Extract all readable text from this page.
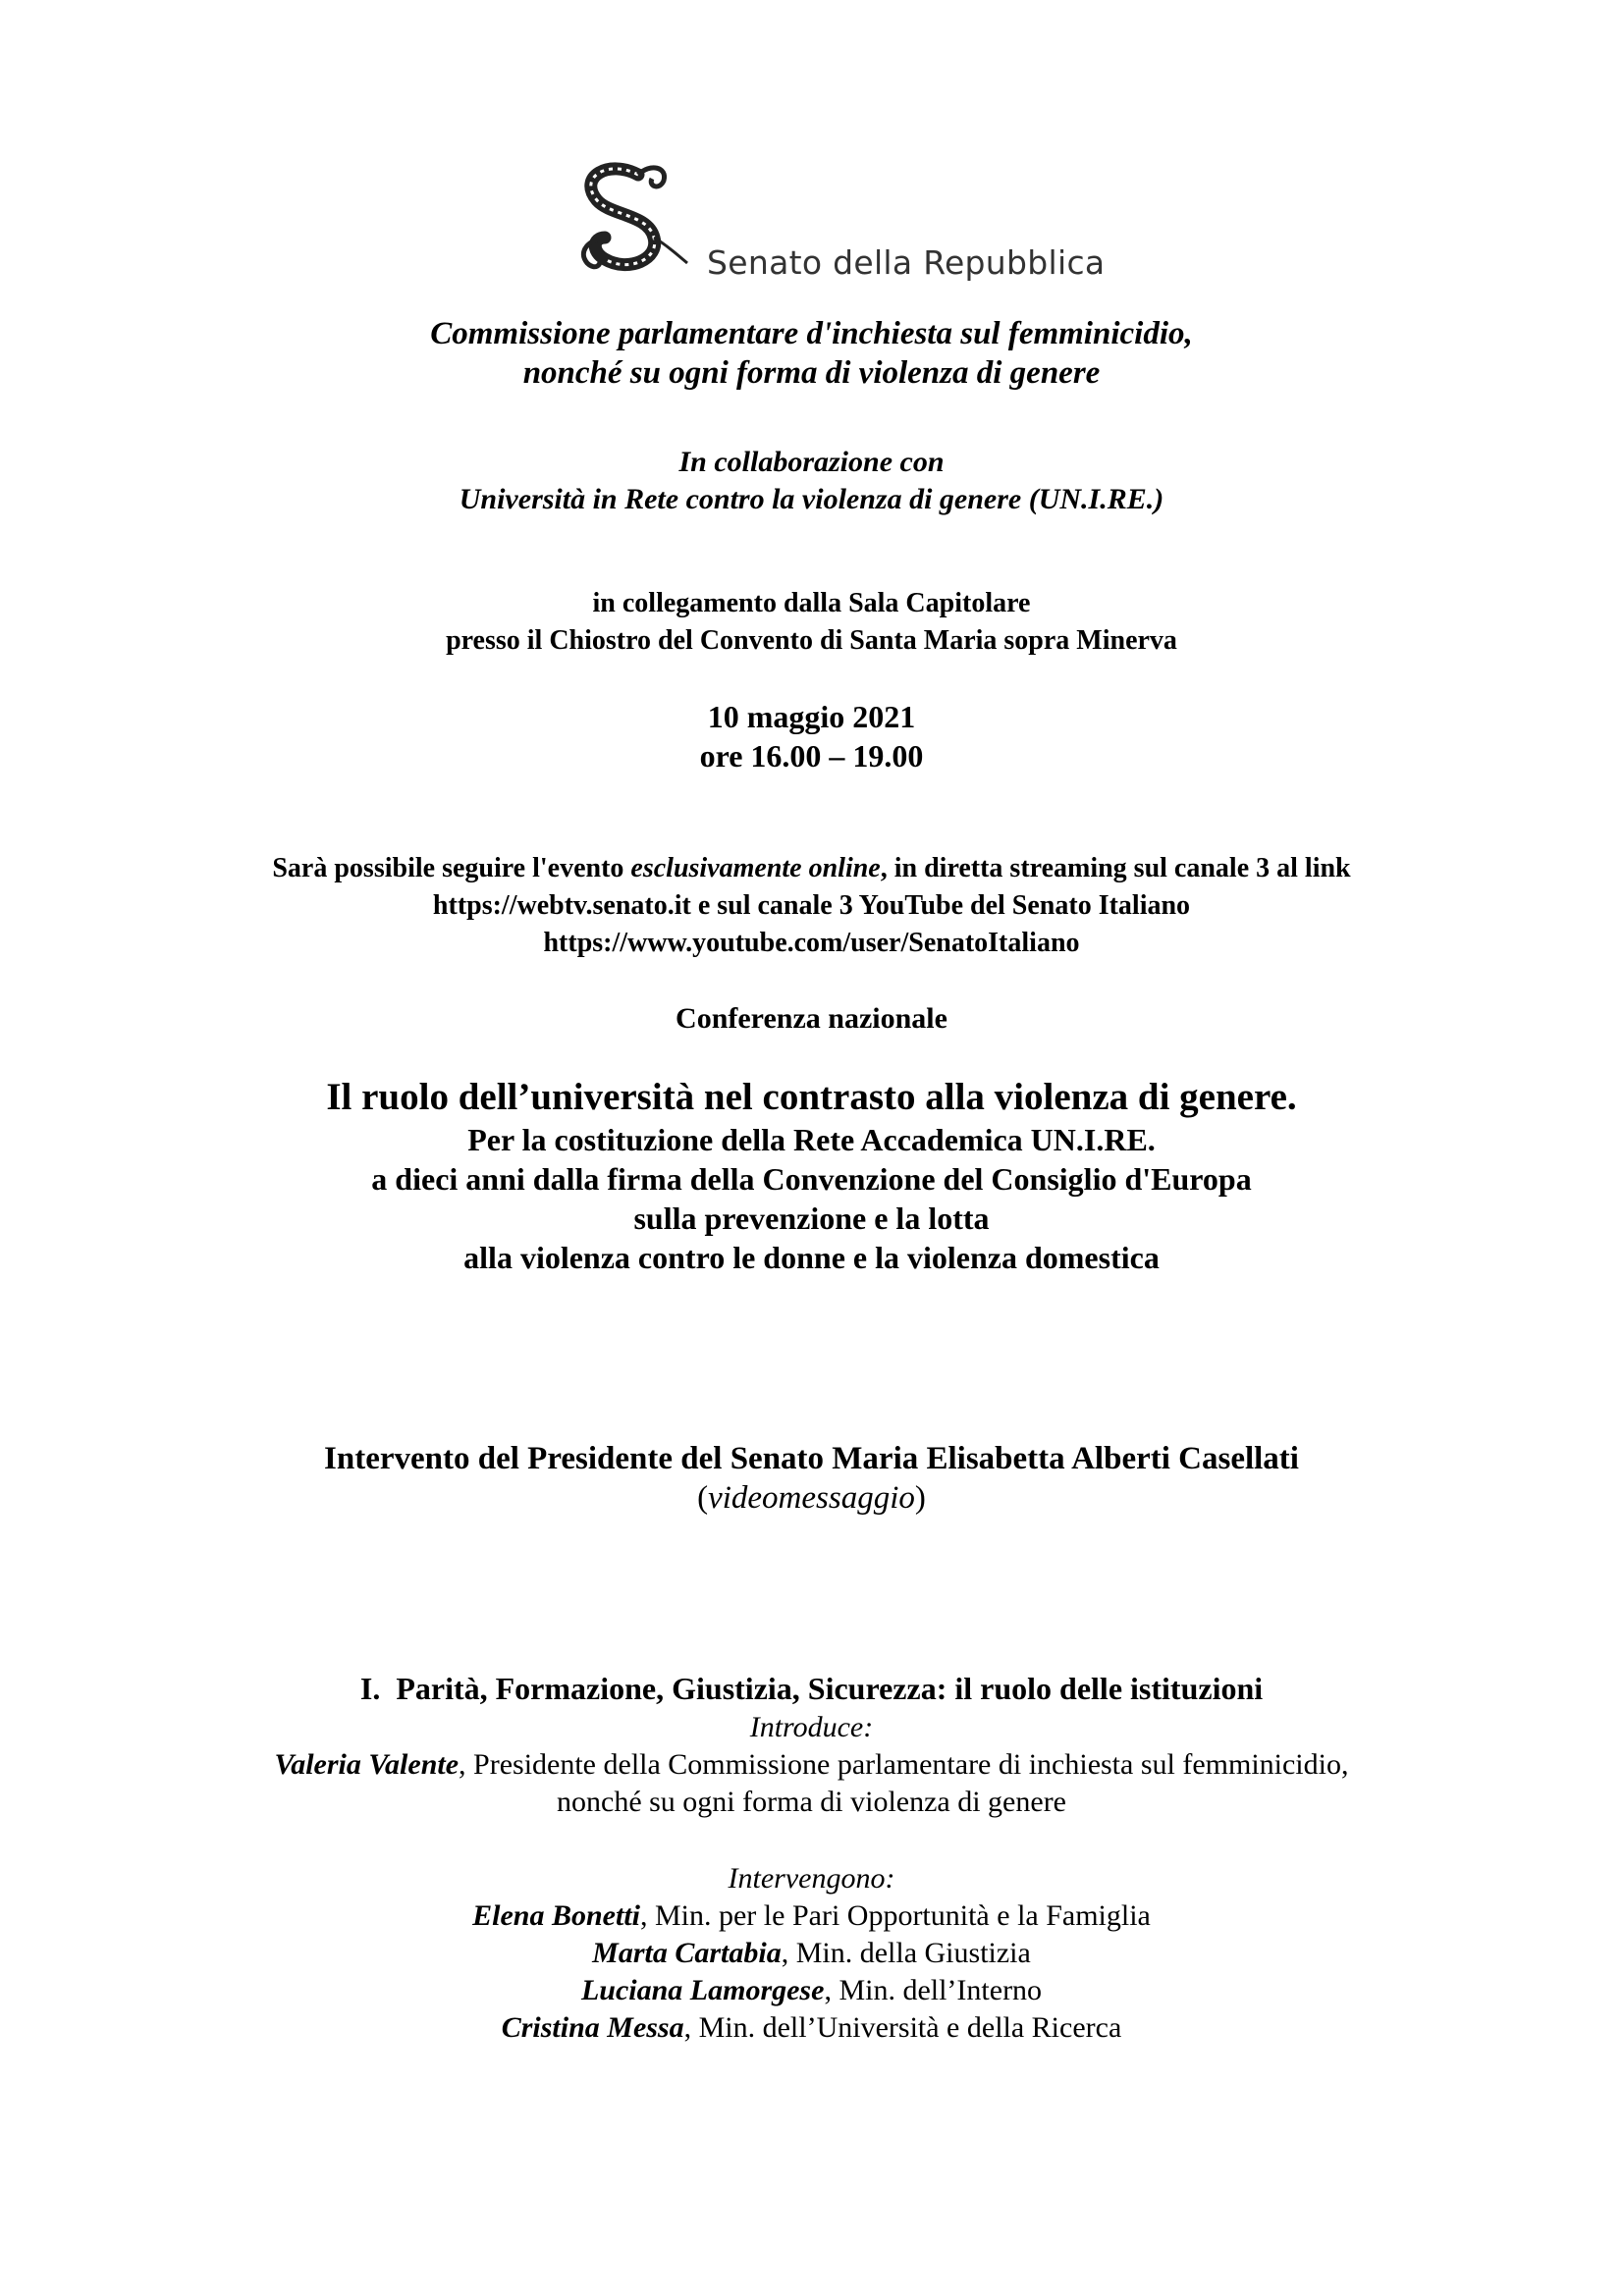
Senato della Repubblica
Commissione parlamentare d'inchiesta sul femminicidio,
nonché su ogni forma di violenza di genere
In collaborazione con
Università in Rete contro la violenza di genere (UN.I.RE.)
in collegamento dalla Sala Capitolare
presso il Chiostro del Convento di Santa Maria sopra Minerva
10 maggio 2021
ore 16.00 – 19.00
Sarà possibile seguire l'evento esclusivamente online, in diretta streaming sul canale 3 al link
https://webtv.senato.it e sul canale 3 YouTube del Senato Italiano
https://www.youtube.com/user/SenatoItaliano
Conferenza nazionale
Il ruolo dell’università nel contrasto alla violenza di genere.
Per la costituzione della Rete Accademica UN.I.RE.
a dieci anni dalla firma della Convenzione del Consiglio d'Europa
sulla prevenzione e la lotta
alla violenza contro le donne e la violenza domestica
Intervento del Presidente del Senato Maria Elisabetta Alberti Casellati
(videomessaggio)

I.  Parità, Formazione, Giustizia, Sicurezza: il ruolo delle istituzioni

Introduce:
Valeria Valente, Presidente della Commissione parlamentare di inchiesta sul femminicidio,
nonché su ogni forma di violenza di genere
Intervengono:
Elena Bonetti, Min. per le Pari Opportunità e la Famiglia
Marta Cartabia, Min. della Giustizia
Luciana Lamorgese, Min. dell’Interno
Cristina Messa, Min. dell’Università e della Ricerca
